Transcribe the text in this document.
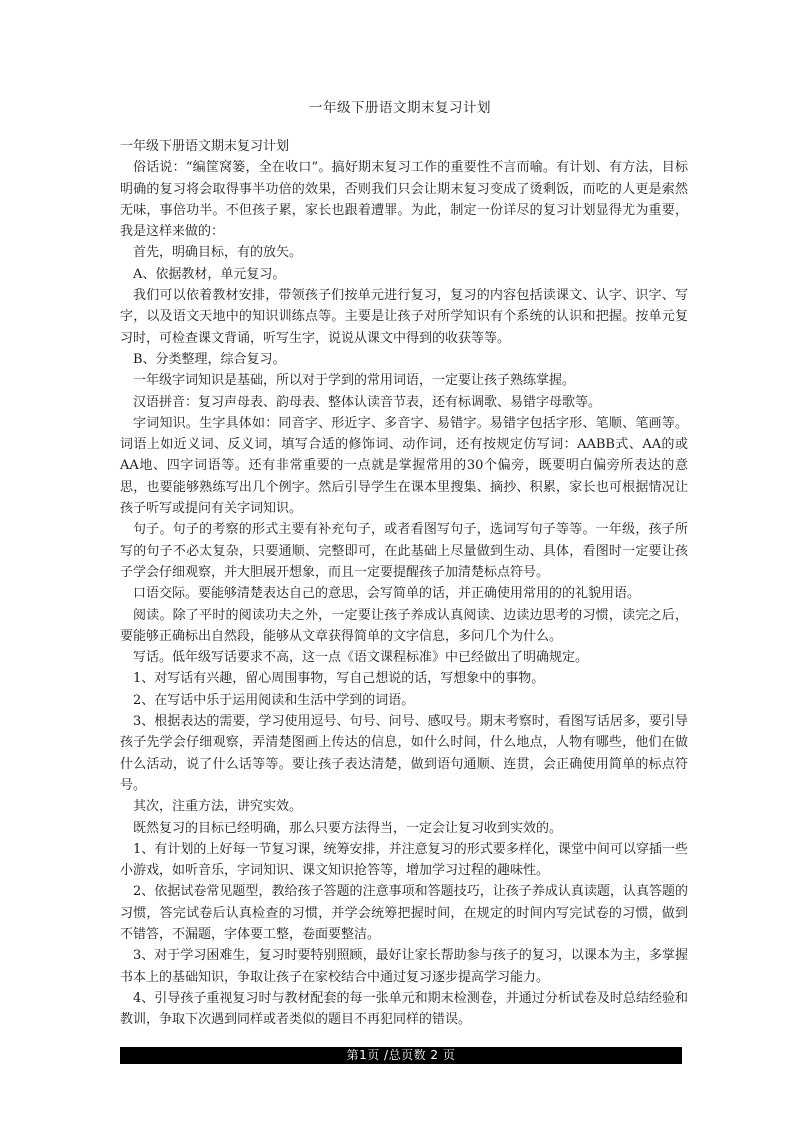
一年级下册语文期末复习计划

一年级下册语文期末复习计划

俗话说：“编筐窝篓，全在收口”。搞好期末复习工作的重要性不言而喻。有计划、有方法，目标明确的复习将会取得事半功倍的效果，否则我们只会让期末复习变成了烫剩饭，而吃的人更是索然无味，事倍功半。不但孩子累，家长也跟着遭罪。为此，制定一份详尽的复习计划显得尤为重要，我是这样来做的：

首先，明确目标，有的放矢。

A、依据教材，单元复习。

我们可以依着教材安排，带领孩子们按单元进行复习，复习的内容包括读课文、认字、识字、写字，以及语文天地中的知识训练点等。主要是让孩子对所学知识有个系统的认识和把握。按单元复习时，可检查课文背诵，听写生字，说说从课文中得到的收获等等。

B、分类整理，综合复习。

一年级字词知识是基础，所以对于学到的常用词语，一定要让孩子熟练掌握。

汉语拼音：复习声母表、韵母表、整体认读音节表，还有标调歌、易错字母歌等。

字词知识。生字具体如：同音字、形近字、多音字、易错字。易错字包括字形、笔顺、笔画等。词语上如近义词、反义词，填写合适的修饰词、动作词，还有按规定仿写词：AABB式、AA的或AA地、四字词语等。还有非常重要的一点就是掌握常用的30个偏旁，既要明白偏旁所表达的意思，也要能够熟练写出几个例字。然后引导学生在课本里搜集、摘抄、积累，家长也可根据情况让孩子听写或提问有关字词知识。

句子。句子的考察的形式主要有补充句子，或者看图写句子，选词写句子等等。一年级，孩子所写的句子不必太复杂，只要通顺、完整即可，在此基础上尽量做到生动、具体，看图时一定要让孩子学会仔细观察，并大胆展开想象，而且一定要提醒孩子加清楚标点符号。

口语交际。要能够清楚表达自己的意思，会写简单的话，并正确使用常用的的礼貌用语。

阅读。除了平时的阅读功夫之外，一定要让孩子养成认真阅读、边读边思考的习惯，读完之后，要能够正确标出自然段，能够从文章获得简单的文字信息，多问几个为什么。

写话。低年级写话要求不高，这一点《语文课程标准》中已经做出了明确规定。

1、对写话有兴趣，留心周围事物，写自己想说的话，写想象中的事物。

2、在写话中乐于运用阅读和生活中学到的词语。

3、根据表达的需要，学习使用逗号、句号、问号、感叹号。期末考察时，看图写话居多，要引导孩子先学会仔细观察，弄清楚图画上传达的信息，如什么时间，什么地点，人物有哪些，他们在做什么活动，说了什么话等等。要让孩子表达清楚，做到语句通顺、连贯，会正确使用简单的标点符号。

其次，注重方法，讲究实效。

既然复习的目标已经明确，那么只要方法得当，一定会让复习收到实效的。

1、有计划的上好每一节复习课，统筹安排，并注意复习的形式要多样化，课堂中间可以穿插一些小游戏，如听音乐，字词知识、课文知识抢答等，增加学习过程的趣味性。

2、依据试卷常见题型，教给孩子答题的注意事项和答题技巧，让孩子养成认真读题，认真答题的习惯，答完试卷后认真检查的习惯，并学会统筹把握时间，在规定的时间内写完试卷的习惯，做到不错答，不漏题，字体要工整，卷面要整洁。

3、对于学习困难生，复习时要特别照顾，最好让家长帮助参与孩子的复习，以课本为主，多掌握书本上的基础知识，争取让孩子在家校结合中通过复习逐步提高学习能力。

4、引导孩子重视复习时与教材配套的每一张单元和期末检测卷，并通过分析试卷及时总结经验和教训，争取下次遇到同样或者类似的题目不再犯同样的错误。

第1页 /总页数 2 页
